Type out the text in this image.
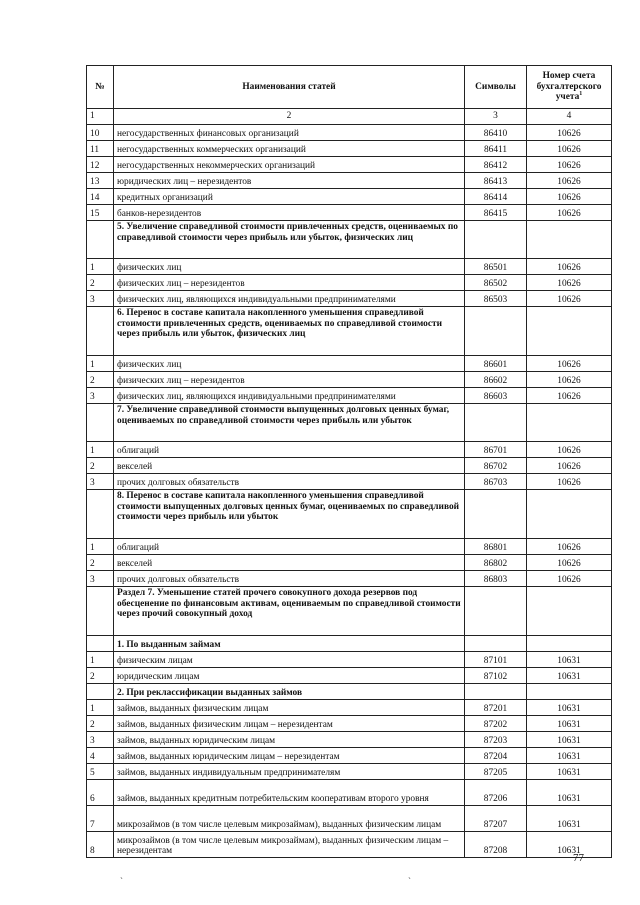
№	Наименования статей	Символы	Номер счета бухгалтерского учета$^1$
1	2	3	4
10	негосударственных финансовых организаций	86410	10626
11	негосударственных коммерческих организаций	86411	10626
12	негосударственных некоммерческих организаций	86412	10626
13	юридических лиц – нерезидентов	86413	10626
14	кредитных организаций	86414	10626
15	банков-нерезидентов	86415	10626
	5. Увеличение справедливой стоимости привлеченных средств, оцениваемых по справедливой стоимости через прибыль или убыток, физических лиц		
1	физических лиц	86501	10626
2	физических лиц – нерезидентов	86502	10626
3	физических лиц, являющихся индивидуальными предпринимателями	86503	10626
	6. Перенос в составе капитала накопленного уменьшения справедливой стоимости привлеченных средств, оцениваемых по справедливой стоимости через прибыль или убыток, физических лиц		
1	физических лиц	86601	10626
2	физических лиц – нерезидентов	86602	10626
3	физических лиц, являющихся индивидуальными предпринимателями	86603	10626
	7. Увеличение справедливой стоимости выпущенных долговых ценных бумаг, оцениваемых по справедливой стоимости через прибыль или убыток		
1	облигаций	86701	10626
2	векселей	86702	10626
3	прочих долговых обязательств	86703	10626
	8. Перенос в составе капитала накопленного уменьшения справедливой стоимости выпущенных долговых ценных бумаг, оцениваемых по справедливой стоимости через прибыль или убыток		
1	облигаций	86801	10626
2	векселей	86802	10626
3	прочих долговых обязательств	86803	10626
	Раздел 7. Уменьшение статей прочего совокупного дохода резервов под обесценение по финансовым активам, оцениваемым по справедливой стоимости через прочий совокупный доход		
	1. По выданным займам		
1	физическим лицам	87101	10631
2	юридическим лицам	87102	10631
	2. При реклассификации выданных займов		
1	займов, выданных физическим лицам	87201	10631
2	займов, выданных физическим лицам – нерезидентам	87202	10631
3	займов, выданных юридическим лицам	87203	10631
4	займов, выданных юридическим лицам – нерезидентам	87204	10631
5	займов, выданных индивидуальным предпринимателям	87205	10631
6	займов, выданных кредитным потребительским кооперативам второго уровня	87206	10631
7	микрозаймов (в том числе целевым микрозаймам), выданных физическим лицам	87207	10631
8	микрозаймов (в том числе целевым микрозаймам), выданных физическим лицам – нерезидентам	87208	10631
77
`	`
